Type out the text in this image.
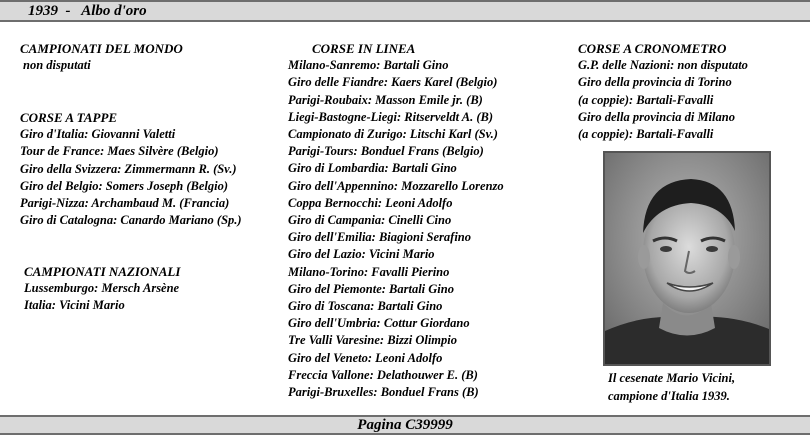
1939  -   Albo d'oro
CAMPIONATI DEL MONDO
non disputati
CORSE A TAPPE
Giro d'Italia: Giovanni Valetti
Tour de France: Maes Silvère (Belgio)
Giro della Svizzera: Zimmermann R. (Sv.)
Giro del Belgio: Somers Joseph (Belgio)
Parigi-Nizza: Archambaud M. (Francia)
Giro di Catalogna: Canardo Mariano (Sp.)
CAMPIONATI NAZIONALI
Lussemburgo: Mersch Arsène
Italia: Vicini Mario
CORSE IN LINEA
Milano-Sanremo: Bartali Gino
Giro delle Fiandre: Kaers Karel (Belgio)
Parigi-Roubaix: Masson Emile jr. (B)
Liegi-Bastogne-Liegi: Ritserveldt A. (B)
Campionato di Zurigo: Litschi Karl (Sv.)
Parigi-Tours: Bonduel Frans (Belgio)
Giro di Lombardia: Bartali Gino
Giro dell'Appennino: Mozzarello Lorenzo
Coppa Bernocchi: Leoni Adolfo
Giro di Campania: Cinelli Cino
Giro dell'Emilia: Biagioni Serafino
Giro del Lazio: Vicini Mario
Milano-Torino: Favalli Pierino
Giro del Piemonte: Bartali Gino
Giro di Toscana: Bartali Gino
Giro dell'Umbria: Cottur Giordano
Tre Valli Varesine: Bizzi Olimpio
Giro del Veneto: Leoni Adolfo
Freccia Vallone: Delathouwer E. (B)
Parigi-Bruxelles: Bonduel Frans (B)
CORSE A CRONOMETRO
G.P. delle Nazioni: non disputato
Giro della provincia di Torino
(a coppie): Bartali-Favalli
Giro della provincia di Milano
(a coppie): Bartali-Favalli
Il cesenate Mario Vicini,
campione d'Italia 1939.
Pagina C39999
